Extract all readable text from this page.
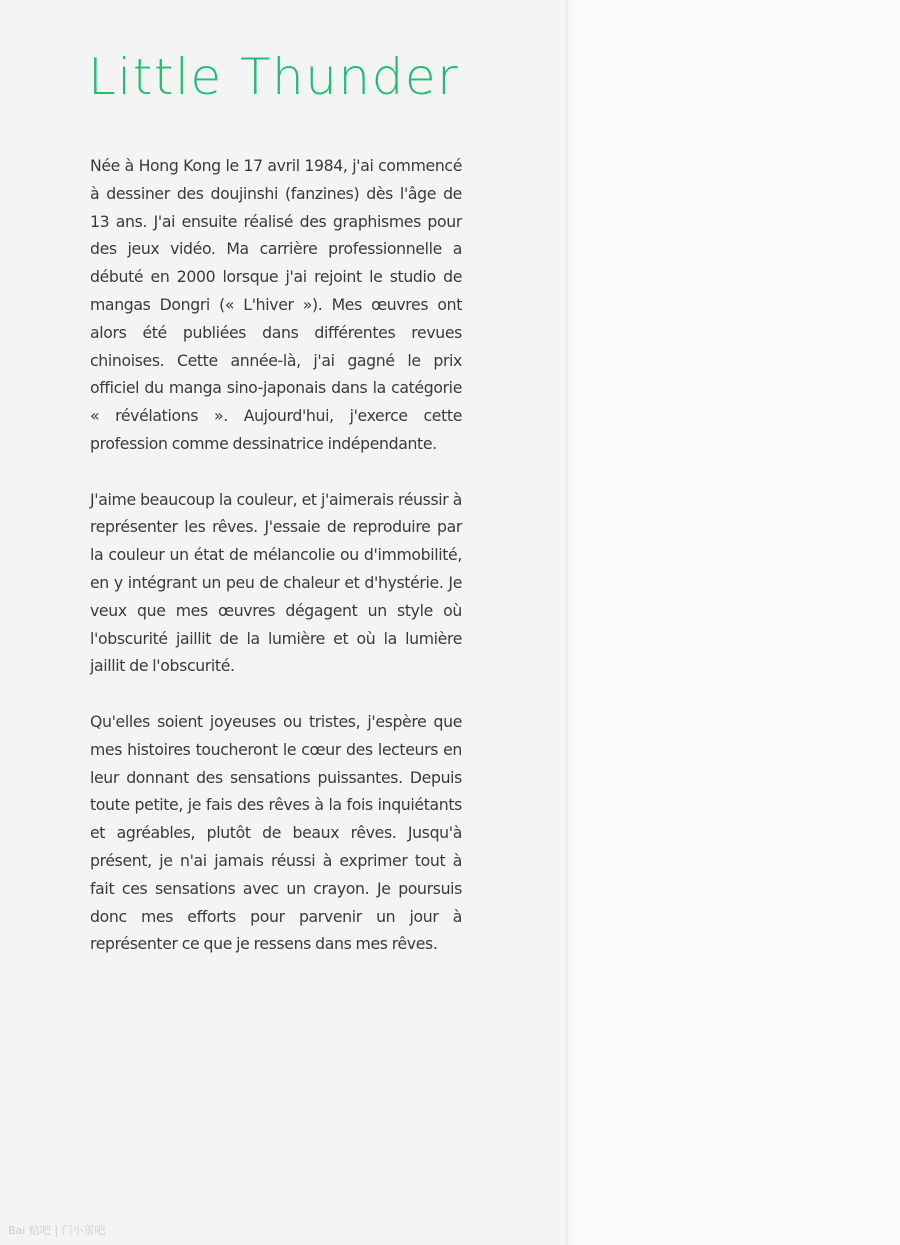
Little Thunder

Née à Hong Kong le 17 avril 1984, j'ai commencé à dessiner des doujinshi (fanzines) dès l'âge de 13 ans. J'ai ensuite réalisé des graphismes pour des jeux vidéo. Ma carrière professionnelle a débuté en 2000 lorsque j'ai rejoint le studio de mangas Dongri (« L'hiver »). Mes œuvres ont alors été publiées dans différentes revues chinoises. Cette année-là, j'ai gagné le prix officiel du manga sino-japonais dans la catégorie « révélations ». Aujourd'hui, j'exerce cette profession comme dessinatrice indépendante.

J'aime beaucoup la couleur, et j'aimerais réussir à représenter les rêves. J'essaie de reproduire par la couleur un état de mélancolie ou d'immobilité, en y intégrant un peu de chaleur et d'hystérie. Je veux que mes œuvres dégagent un style où l'obscurité jaillit de la lumière et où la lumière jaillit de l'obscurité.

Qu'elles soient joyeuses ou tristes, j'espère que mes histoires toucheront le cœur des lecteurs en leur donnant des sensations puissantes. Depuis toute petite, je fais des rêves à la fois inquiétants et agréables, plutôt de beaux rêves. Jusqu'à présent, je n'ai jamais réussi à exprimer tout à fait ces sensations avec un crayon. Je poursuis donc mes efforts pour parvenir un jour à représenter ce que je ressens dans mes rêves.

Bai 贴吧 | 门小雷吧
